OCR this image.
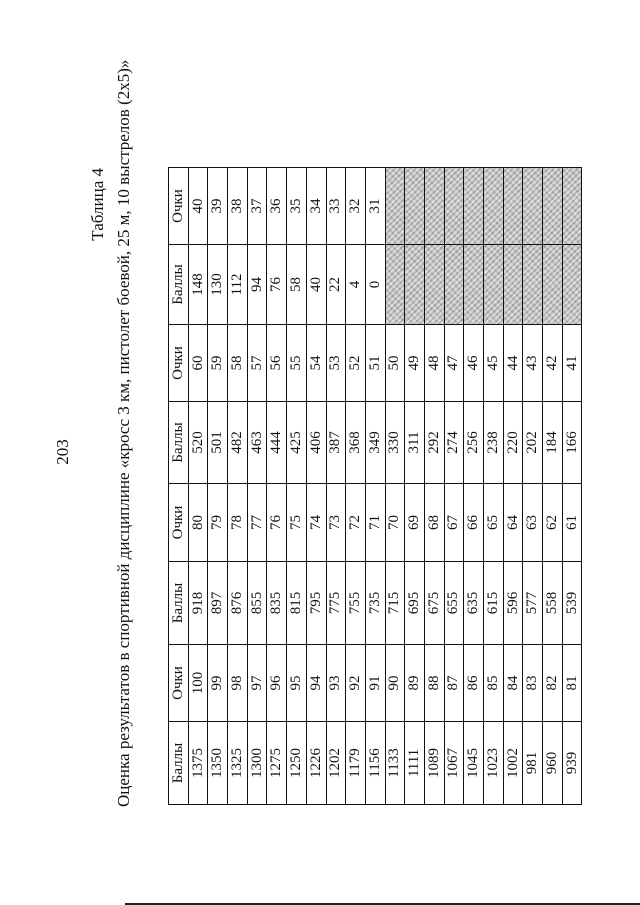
203
Таблица 4 Оценка результатов в спортивной дисциплине «кросс 3 км, пистолет боевой, 25 м, 10 выстрелов (2х5)» Баллы	Очки	Баллы	Очки	Баллы	Очки	Баллы	Очки
1375	100	918	80	520	60	148	40
1350	99	897	79	501	59	130	39
1325	98	876	78	482	58	112	38
1300	97	855	77	463	57	94	37
1275	96	835	76	444	56	76	36
1250	95	815	75	425	55	58	35
1226	94	795	74	406	54	40	34
1202	93	775	73	387	53	22	33
1179	92	755	72	368	52	4	32
1156	91	735	71	349	51	0	31
1133	90	715	70	330	50		
1111	89	695	69	311	49		
1089	88	675	68	292	48		
1067	87	655	67	274	47		
1045	86	635	66	256	46		
1023	85	615	65	238	45		
1002	84	596	64	220	44		
981	83	577	63	202	43		
960	82	558	62	184	42		
939	81	539	61	166	41		
